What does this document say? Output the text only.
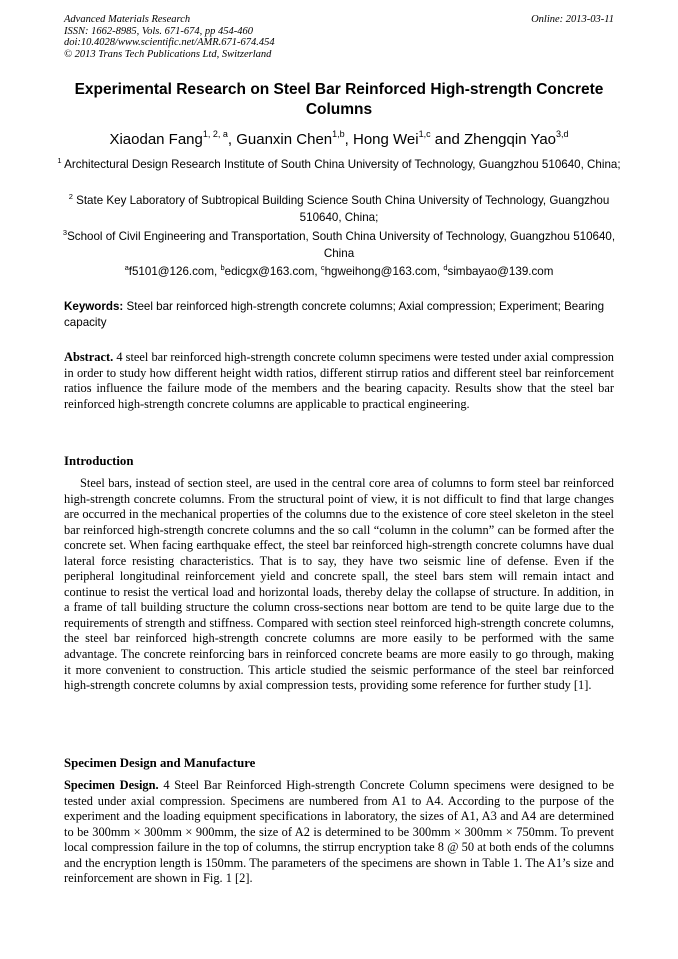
Advanced Materials Research
ISSN: 1662-8985, Vols. 671-674, pp 454-460
doi:10.4028/www.scientific.net/AMR.671-674.454
© 2013 Trans Tech Publications Ltd, Switzerland
Online: 2013-03-11
Experimental Research on Steel Bar Reinforced High-strength Concrete Columns
Xiaodan Fang$^{1, 2, a}$, Guanxin Chen$^{1,b}$, Hong Wei$^{1,c}$ and Zhengqin Yao$^{3,d}$
$^1$ Architectural Design Research Institute of South China University of Technology, Guangzhou 510640, China;
$^2$ State Key Laboratory of Subtropical Building Science South China University of Technology, Guangzhou 510640, China;
$^3$School of Civil Engineering and Transportation, South China University of Technology, Guangzhou 510640, China
$^a$f5101@126.com, $^b$edicgx@163.com, $^c$hgweihong@163.com, $^d$simbayao@139.com
Keywords: Steel bar reinforced high-strength concrete columns; Axial compression; Experiment; Bearing capacity
Abstract. 4 steel bar reinforced high-strength concrete column specimens were tested under axial compression in order to study how different height width ratios, different stirrup ratios and different steel bar reinforcement ratios influence the failure mode of the members and the bearing capacity. Results show that the steel bar reinforced high-strength concrete columns are applicable to practical engineering.
Introduction
Steel bars, instead of section steel, are used in the central core area of columns to form steel bar reinforced high-strength concrete columns. From the structural point of view, it is not difficult to find that large changes are occurred in the mechanical properties of the columns due to the existence of core steel skeleton in the steel bar reinforced high-strength concrete columns and the so call “column in the column” can be formed after the concrete set. When facing earthquake effect, the steel bar reinforced high-strength concrete columns have dual lateral force resisting characteristics. That is to say, they have two seismic line of defense. Even if the peripheral longitudinal reinforcement yield and concrete spall, the steel bars stem will remain intact and continue to resist the vertical load and horizontal loads, thereby delay the collapse of structure. In addition, in a frame of tall building structure the column cross-sections near bottom are tend to be quite large due to the requirements of strength and stiffness. Compared with section steel reinforced high-strength concrete columns, the steel bar reinforced high-strength concrete columns are more easily to be performed with the same advantage. The concrete reinforcing bars in reinforced concrete beams are more easily to go through, making it more convenient to construction. This article studied the seismic performance of the steel bar reinforced high-strength concrete columns by axial compression tests, providing some reference for further study [1].
Specimen Design and Manufacture
Specimen Design. 4 Steel Bar Reinforced High-strength Concrete Column specimens were designed to be tested under axial compression. Specimens are numbered from A1 to A4. According to the purpose of the experiment and the loading equipment specifications in laboratory, the sizes of A1, A3 and A4 are determined to be 300mm × 300mm × 900mm, the size of A2 is determined to be 300mm × 300mm × 750mm. To prevent local compression failure in the top of columns, the stirrup encryption take 8 @ 50 at both ends of the columns and the encryption length is 150mm. The parameters of the specimens are shown in Table 1. The A1’s size and reinforcement are shown in Fig. 1 [2].
